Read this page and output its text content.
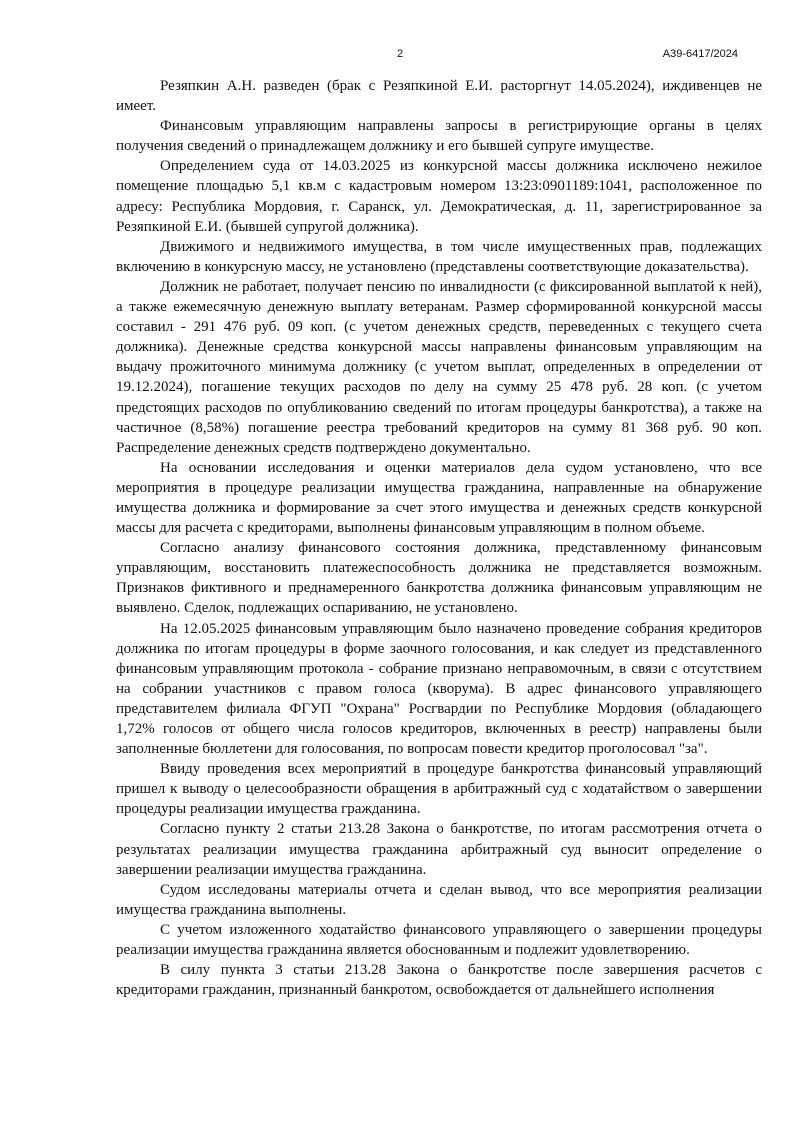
2	А39-6417/2024

Резяпкин А.Н. разведен (брак с Резяпкиной Е.И. расторгнут 14.05.2024), иждивенцев не имеет.

Финансовым управляющим направлены запросы в регистрирующие органы в целях получения сведений о принадлежащем должнику и его бывшей супруге имуществе.

Определением суда от 14.03.2025 из конкурсной массы должника исключено нежилое помещение площадью 5,1 кв.м с кадастровым номером 13:23:0901189:1041, расположенное по адресу: Республика Мордовия, г. Саранск, ул. Демократическая, д. 11, зарегистрированное за Резяпкиной Е.И. (бывшей супругой должника).

Движимого и недвижимого имущества, в том числе имущественных прав, подлежащих включению в конкурсную массу, не установлено (представлены соответствующие доказательства).

Должник не работает, получает пенсию по инвалидности (с фиксированной выплатой к ней), а также ежемесячную денежную выплату ветеранам. Размер сформированной конкурсной массы составил - 291 476 руб. 09 коп. (с учетом денежных средств, переведенных с текущего счета должника). Денежные средства конкурсной массы направлены финансовым управляющим на выдачу прожиточного минимума должнику (с учетом выплат, определенных в определении от 19.12.2024), погашение текущих расходов по делу на сумму 25 478 руб. 28 коп. (с учетом предстоящих расходов по опубликованию сведений по итогам процедуры банкротства), а также на частичное (8,58%) погашение реестра требований кредиторов на сумму 81 368 руб. 90 коп. Распределение денежных средств подтверждено документально.

На основании исследования и оценки материалов дела судом установлено, что все мероприятия в процедуре реализации имущества гражданина, направленные на обнаружение имущества должника и формирование за счет этого имущества и денежных средств конкурсной массы для расчета с кредиторами, выполнены финансовым управляющим в полном объеме.

Согласно анализу финансового состояния должника, представленному финансовым управляющим, восстановить платежеспособность должника не представляется возможным. Признаков фиктивного и преднамеренного банкротства должника финансовым управляющим не выявлено. Сделок, подлежащих оспариванию, не установлено.

На 12.05.2025 финансовым управляющим было назначено проведение собрания кредиторов должника по итогам процедуры в форме заочного голосования, и как следует из представленного финансовым управляющим протокола - собрание признано неправомочным, в связи с отсутствием на собрании участников с правом голоса (кворума). В адрес финансового управляющего представителем филиала ФГУП "Охрана" Росгвардии по Республике Мордовия (обладающего 1,72% голосов от общего числа голосов кредиторов, включенных в реестр) направлены были заполненные бюллетени для голосования, по вопросам повести кредитор проголосовал "за".

Ввиду проведения всех мероприятий в процедуре банкротства финансовый управляющий пришел к выводу о целесообразности обращения в арбитражный суд с ходатайством о завершении процедуры реализации имущества гражданина.

Согласно пункту 2 статьи 213.28 Закона о банкротстве, по итогам рассмотрения отчета о результатах реализации имущества гражданина арбитражный суд выносит определение о завершении реализации имущества гражданина.

Судом исследованы материалы отчета и сделан вывод, что все мероприятия реализации имущества гражданина выполнены.

С учетом изложенного ходатайство финансового управляющего о завершении процедуры реализации имущества гражданина является обоснованным и подлежит удовлетворению.

В силу пункта 3 статьи 213.28 Закона о банкротстве после завершения расчетов с кредиторами гражданин, признанный банкротом, освобождается от дальнейшего исполнения
